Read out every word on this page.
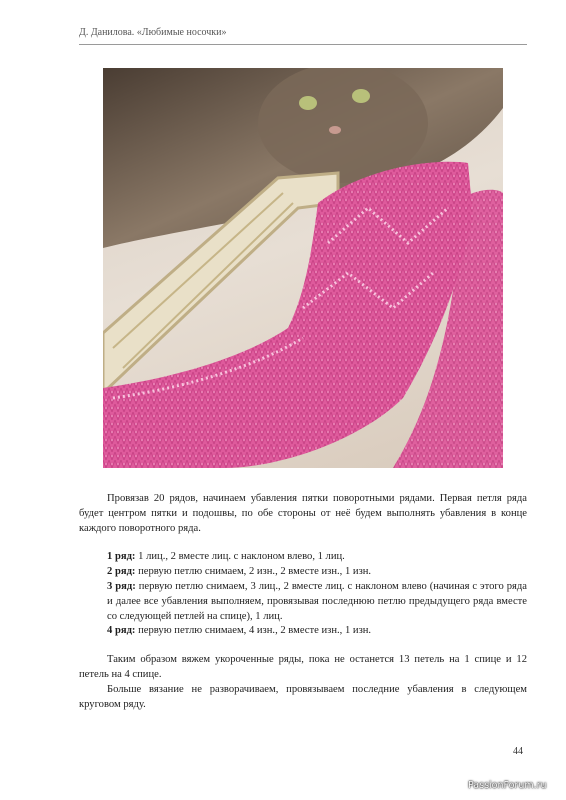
Д. Данилова. «Любимые носочки»

Провязав 20 рядов, начинаем убавления пятки поворотными рядами. Первая петля ряда будет центром пятки и подошвы, по обе стороны от неё будем выполнять убавления в конце каждого поворотного ряда.

1 ряд: 1 лиц., 2 вместе лиц. с наклоном влево, 1 лиц.
2 ряд: первую петлю снимаем, 2 изн., 2 вместе изн., 1 изн.
3 ряд: первую петлю снимаем, 3 лиц., 2 вместе лиц. с наклоном влево (начиная с этого ряда и далее все убавления выполняем, провязывая последнюю петлю предыдущего ряда вместе со следующей петлей на спице), 1 лиц.
4 ряд: первую петлю снимаем, 4 изн., 2 вместе изн., 1 изн.

Таким образом вяжем укороченные ряды, пока не останется 13 петель на 1 спице и 12 петель на 4 спице.

Больше вязание не разворачиваем, провязываем последние убавления в следующем круговом ряду.

44
PassionForum.ru
